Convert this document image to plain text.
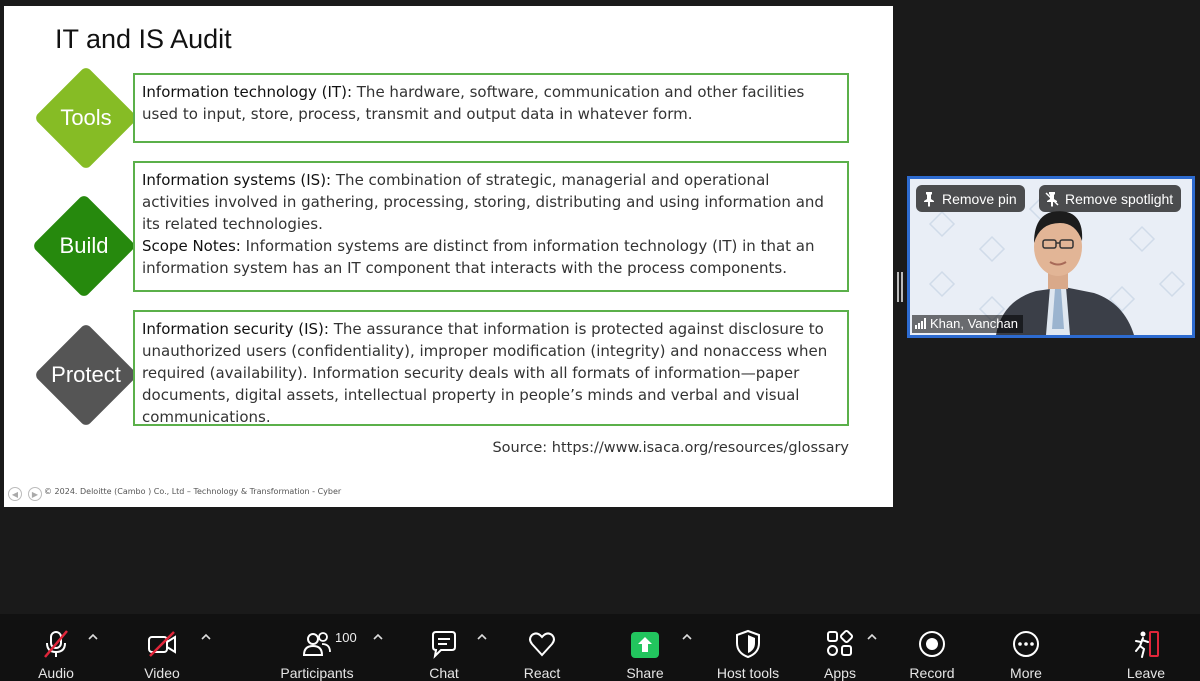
IT and IS Audit
Tools
Information technology (IT): The hardware, software, communication and other facilities used to input, store, process, transmit and output data in whatever form.
Build
Information systems (IS): The combination of strategic, managerial and operational activities involved in gathering, processing, storing, distributing and using information and its related technologies.
Scope Notes: Information systems are distinct from information technology (IT) in that an information system has an IT component that interacts with the process components.
Protect
Information security (IS): The assurance that information is protected against disclosure to unauthorized users (confidentiality), improper modification (integrity) and nonaccess when required (availability). Information security deals with all formats of information—paper documents, digital assets, intellectual property in people’s minds and verbal and visual communications.
Source: https://www.isaca.org/resources/glossary
◀	▶ © 2024. Deloitte (Cambo ) Co., Ltd – Technology & Transformation - Cyber
Remove pin	Remove spotlight
Khan, Vanchan
Audio	Video	Participants
100
Chat	React	Share	Host tools	Apps	Record	More	Leave
